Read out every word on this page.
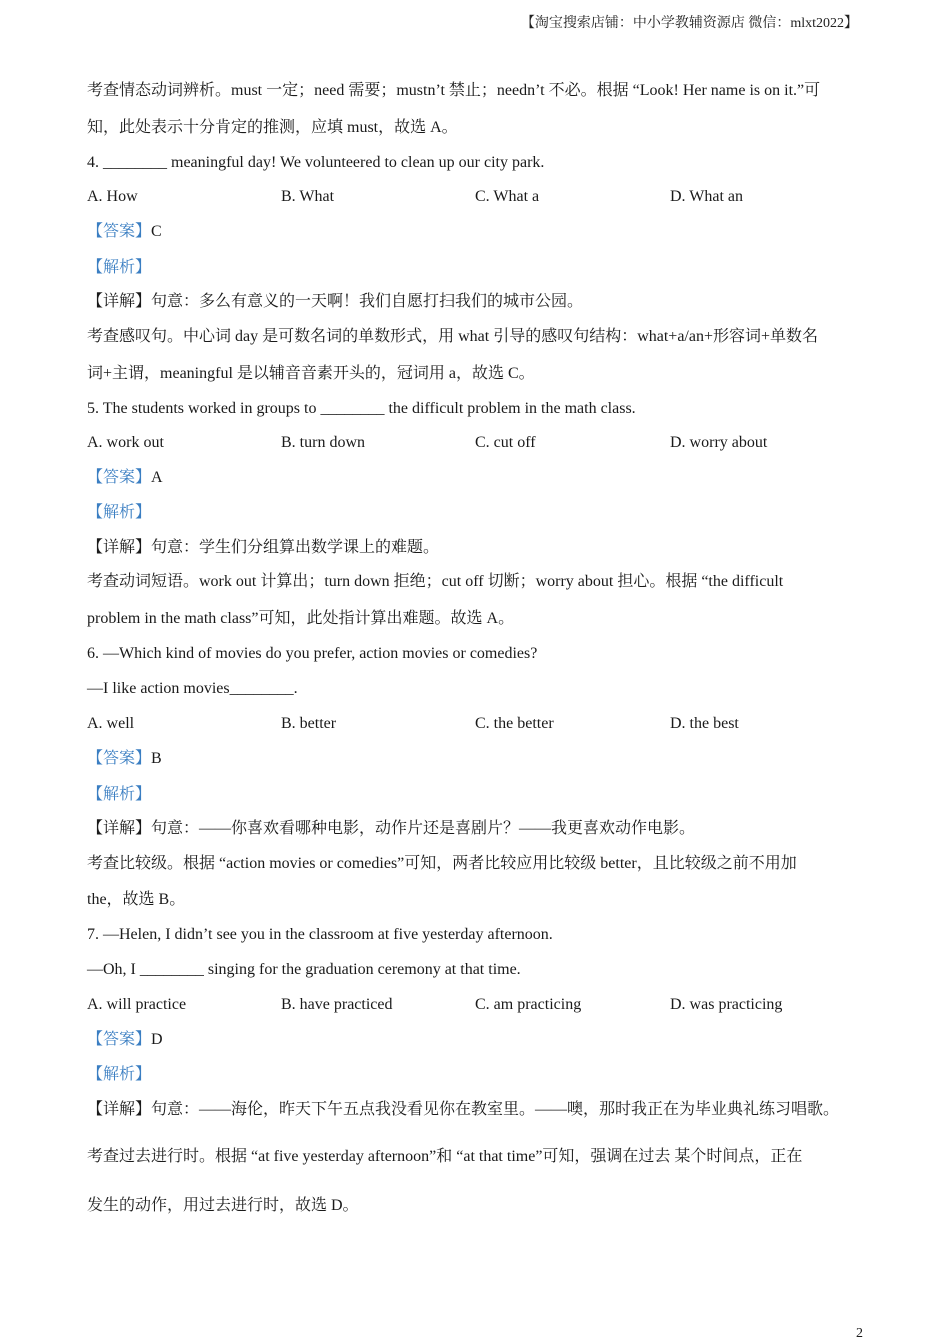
【淘宝搜索店铺：中小学教辅资源店 微信：mlxt2022】
考查情态动词辨析。must 一定；need 需要；mustn’t 禁止；needn’t 不必。根据 “Look! Her name is on it.”可
知，此处表示十分肯定的推测，应填 must，故选 A。
4. ________ meaningful day! We volunteered to clean up our city park.
A. How	B. What	C. What a	D. What an
【答案】C
【解析】
【详解】句意：多么有意义的一天啊！我们自愿打扫我们的城市公园。
考查感叹句。中心词 day 是可数名词的单数形式，用 what 引导的感叹句结构：what+a/an+形容词+单数名
词+主谓，meaningful 是以辅音音素开头的，冠词用 a，故选 C。
5. The students worked in groups to ________ the difficult problem in the math class.
A. work out	B. turn down	C. cut off	D. worry about
【答案】A
【解析】
【详解】句意：学生们分组算出数学课上的难题。
考查动词短语。work out 计算出；turn down 拒绝；cut off 切断；worry about 担心。根据 “the difficult
problem in the math class”可知，此处指计算出难题。故选 A。
6. —Which kind of movies do you prefer, action movies or comedies?
—I like action movies________.
A. well	B. better	C. the better	D. the best
【答案】B
【解析】
【详解】句意：——你喜欢看哪种电影，动作片还是喜剧片？——我更喜欢动作电影。
考查比较级。根据 “action movies or comedies”可知，两者比较应用比较级 better，且比较级之前不用加
the，故选 B。
7. —Helen, I didn’t see you in the classroom at five yesterday afternoon.
—Oh, I ________ singing for the graduation ceremony at that time.
A. will practice	B. have practiced	C. am practicing	D. was practicing
【答案】D
【解析】
【详解】句意：——海伦，昨天下午五点我没看见你在教室里。——噢，那时我正在为毕业典礼练习唱歌。
考查过去进行时。根据 “at five yesterday afternoon”和 “at that time”可知，强调在过去 某个时间点，正在
发生的动作，用过去进行时，故选 D。
2
